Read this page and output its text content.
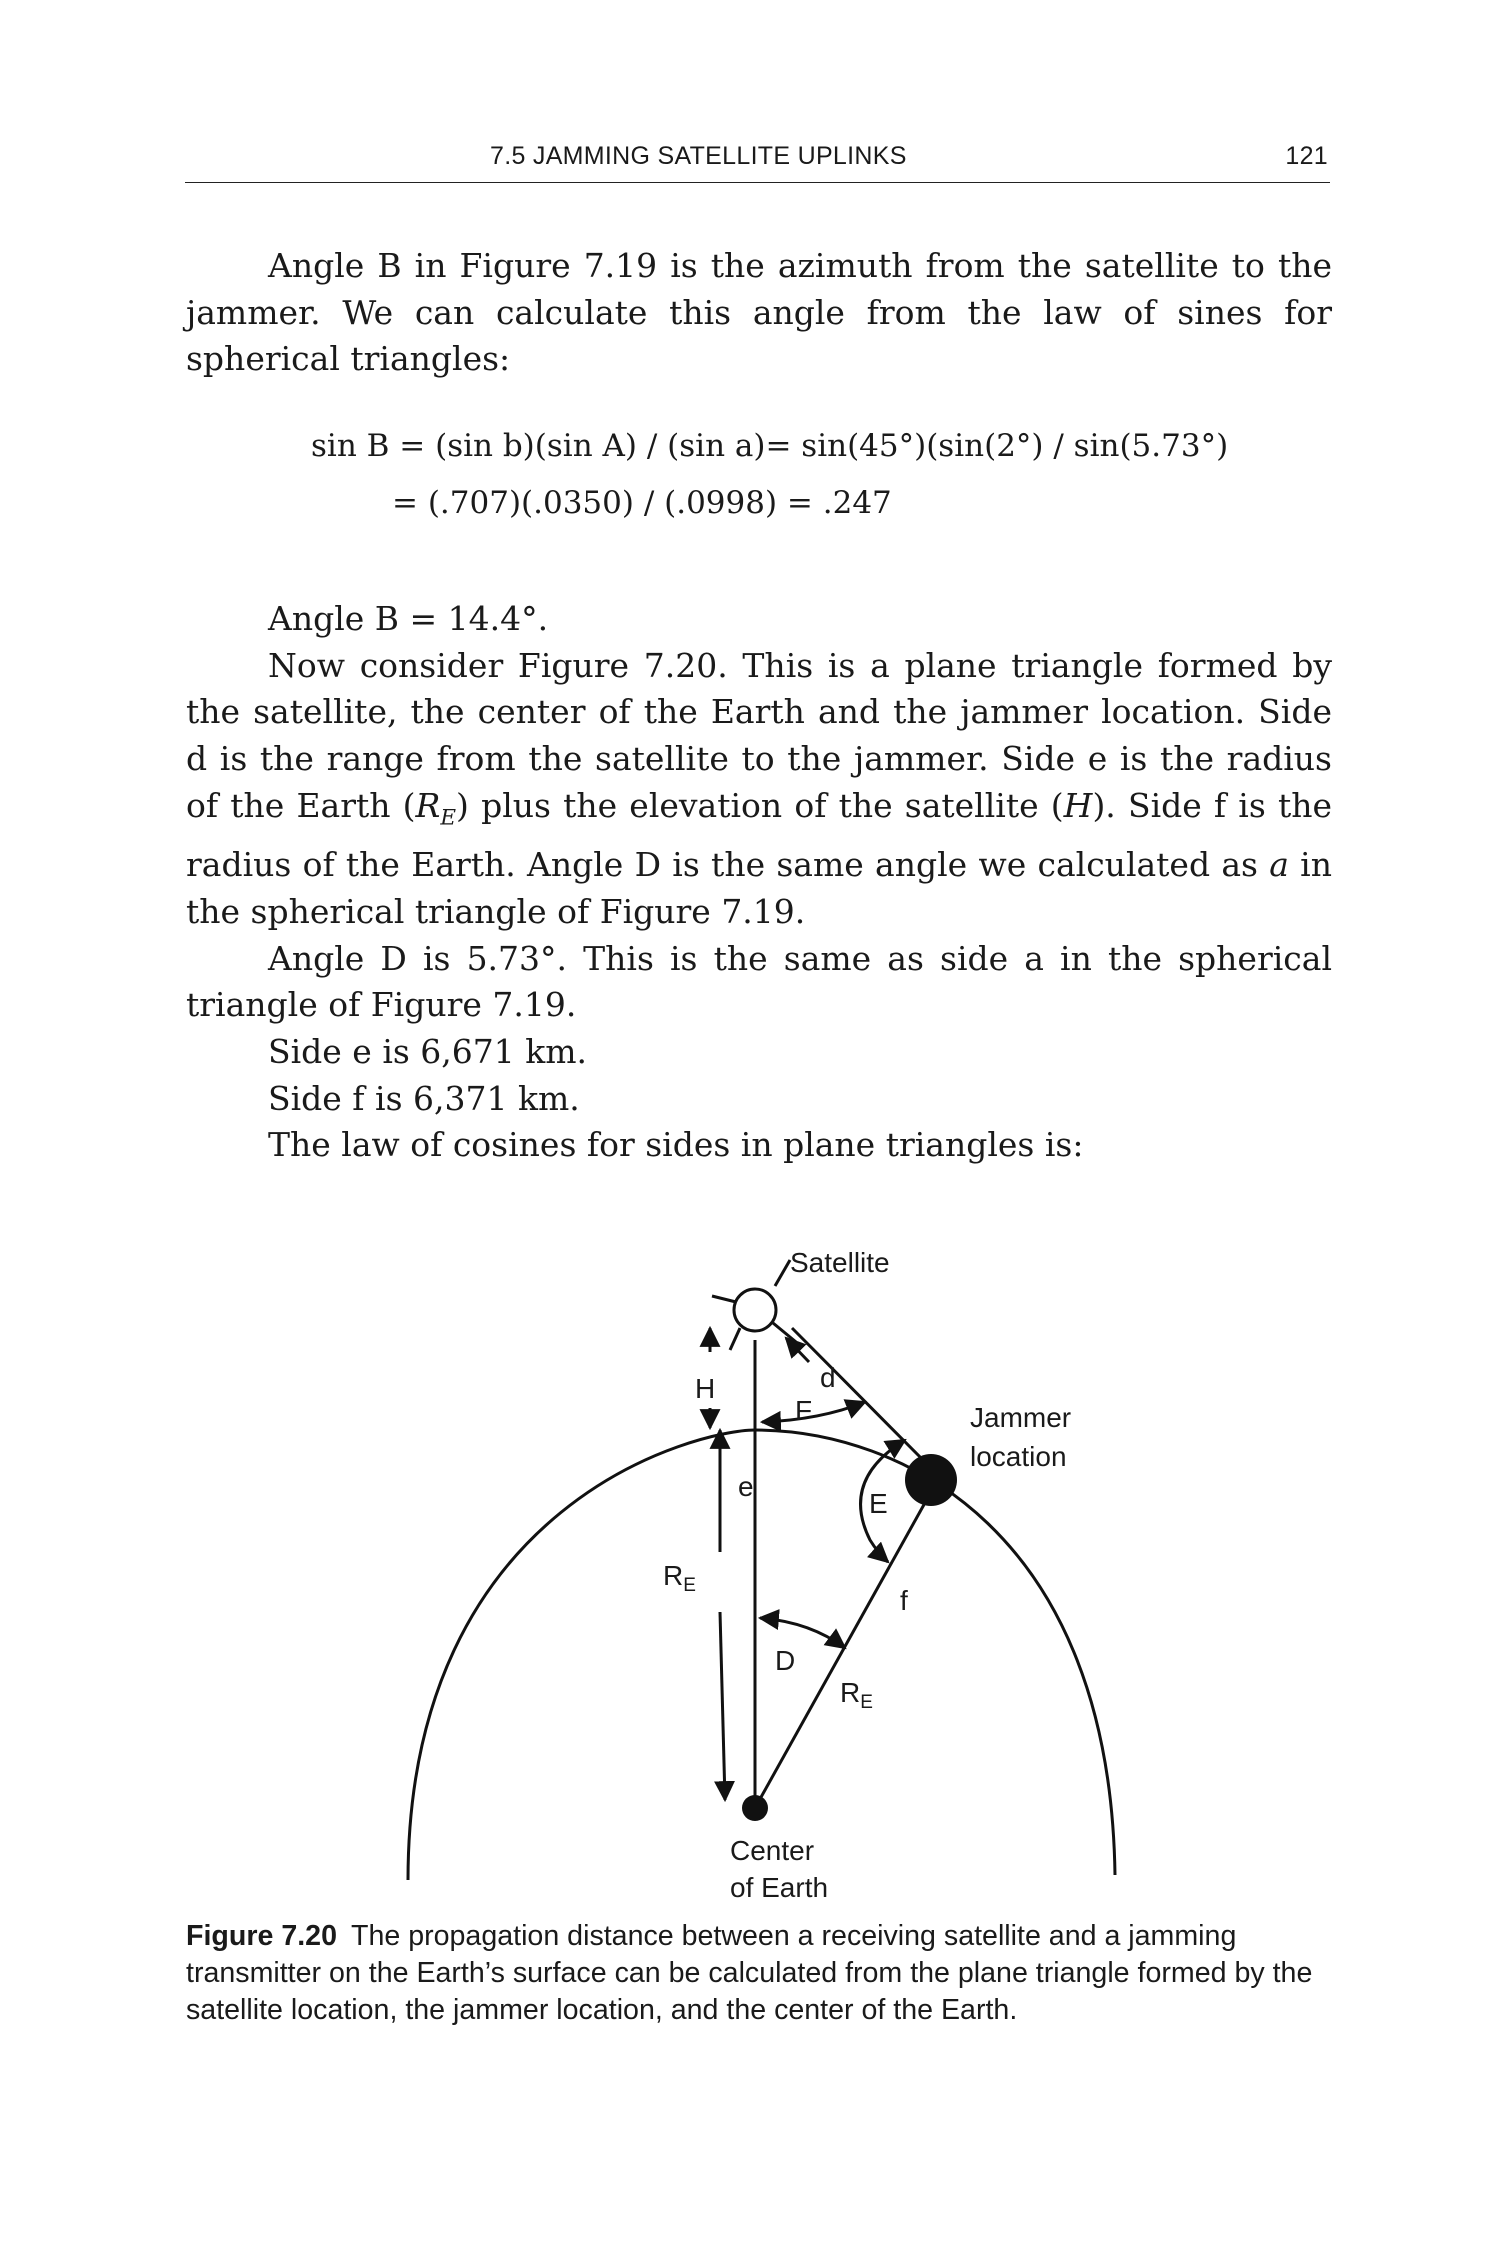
7.5 JAMMING SATELLITE UPLINKS	121

Angle B in Figure 7.19 is the azimuth from the satellite to the jammer. We can calculate this angle from the law of sines for spherical triangles:

sin B = (sin b)(sin A) / (sin a)= sin(45°)(sin(2°) / sin(5.73°)
= (.707)(.0350) / (.0998) = .247

Angle B = 14.4°.

Now consider Figure 7.20. This is a plane triangle formed by the satellite, the center of the Earth and the jammer location. Side d is the range from the satellite to the jammer. Side e is the radius of the Earth $(R_E)$ plus the elevation of the satellite (H). Side f is the radius of the Earth. Angle D is the same angle we calculated as a in the spherical triangle of Figure 7.19.

Angle D is 5.73°. This is the same as side a in the spherical triangle of Figure 7.19.

Side e is 6,671 km.

Side f is 6,371 km.

The law of cosines for sides in plane triangles is:

Satellite
H	d
F	Jammer
location
e
E
$R_E$	f
D
$R_E$
Center
of Earth
Figure 7.20 The propagation distance between a receiving satellite and a jamming transmitter on the Earth’s surface can be calculated from the plane triangle formed by the satellite location, the jammer location, and the center of the Earth.
